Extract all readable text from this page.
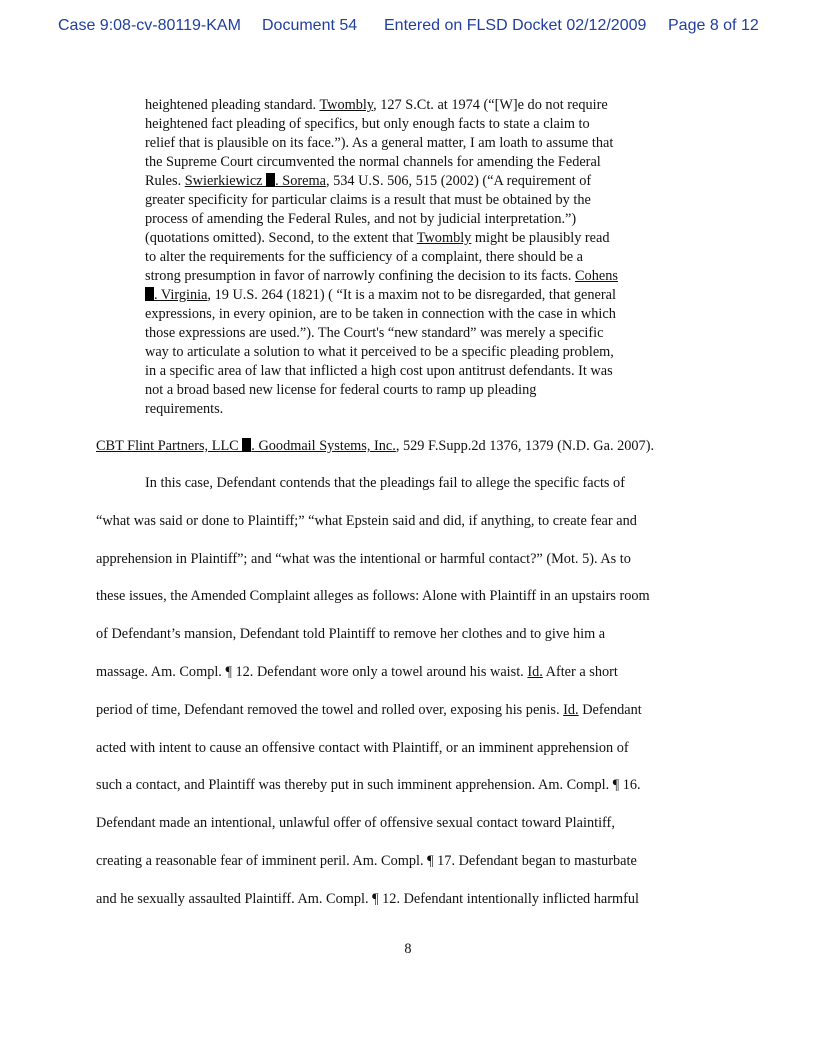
Case 9:08-cv-80119-KAM Document 54 Entered on FLSD Docket 02/12/2009 Page 8 of 12
heightened pleading standard. Twombly, 127 S.Ct. at 1974 (“[W]e do not require
heightened fact pleading of specifics, but only enough facts to state a claim to
relief that is plausible on its face.”). As a general matter, I am loath to assume that
the Supreme Court circumvented the normal channels for amending the Federal
Rules. Swierkiewicz . Sorema, 534 U.S. 506, 515 (2002) (“A requirement of
greater specificity for particular claims is a result that must be obtained by the
process of amending the Federal Rules, and not by judicial interpretation.”)
(quotations omitted). Second, to the extent that Twombly might be plausibly read
to alter the requirements for the sufficiency of a complaint, there should be a
strong presumption in favor of narrowly confining the decision to its facts. Cohens
. Virginia, 19 U.S. 264 (1821) ( “It is a maxim not to be disregarded, that general
expressions, in every opinion, are to be taken in connection with the case in which
those expressions are used.”). The Court's “new standard” was merely a specific
way to articulate a solution to what it perceived to be a specific pleading problem,
in a specific area of law that inflicted a high cost upon antitrust defendants. It was
not a broad based new license for federal courts to ramp up pleading
requirements.
CBT Flint Partners, LLC . Goodmail Systems, Inc., 529 F.Supp.2d 1376, 1379 (N.D. Ga. 2007).
In this case, Defendant contends that the pleadings fail to allege the specific facts of
“what was said or done to Plaintiff;” “what Epstein said and did, if anything, to create fear and
apprehension in Plaintiff”; and “what was the intentional or harmful contact?” (Mot. 5). As to
these issues, the Amended Complaint alleges as follows: Alone with Plaintiff in an upstairs room
of Defendant’s mansion, Defendant told Plaintiff to remove her clothes and to give him a
massage. Am. Compl. ¶ 12. Defendant wore only a towel around his waist. Id. After a short
period of time, Defendant removed the towel and rolled over, exposing his penis. Id. Defendant
acted with intent to cause an offensive contact with Plaintiff, or an imminent apprehension of
such a contact, and Plaintiff was thereby put in such imminent apprehension. Am. Compl. ¶ 16.
Defendant made an intentional, unlawful offer of offensive sexual contact toward Plaintiff,
creating a reasonable fear of imminent peril. Am. Compl. ¶ 17. Defendant began to masturbate
and he sexually assaulted Plaintiff. Am. Compl. ¶ 12. Defendant intentionally inflicted harmful
8
